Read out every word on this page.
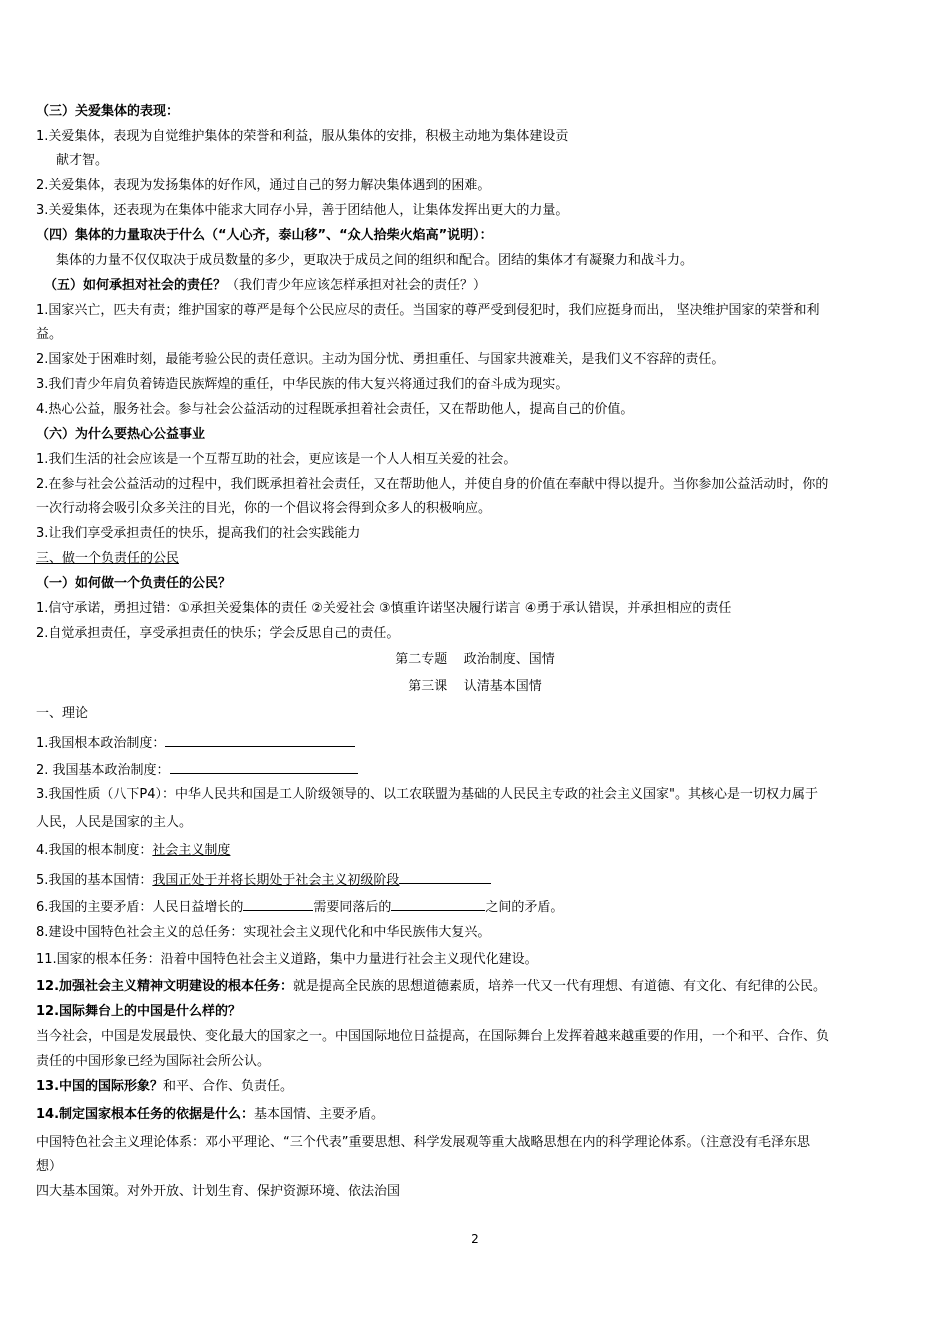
（三）关爱集体的表现：
1.关爱集体，表现为自觉维护集体的荣誉和利益，服从集体的安排，积极主动地为集体建设贡
献才智。
2.关爱集体，表现为发扬集体的好作风，通过自己的努力解决集体遇到的困难。
3.关爱集体，还表现为在集体中能求大同存小异，善于团结他人，让集体发挥出更大的力量。
（四）集体的力量取决于什么（“人心齐，泰山移”、“众人拾柴火焰高”说明）：
集体的力量不仅仅取决于成员数量的多少，更取决于成员之间的组织和配合。团结的集体才有凝聚力和战斗力。
（五）如何承担对社会的责任？（我们青少年应该怎样承担对社会的责任？）
1.国家兴亡，匹夫有责；维护国家的尊严是每个公民应尽的责任。当国家的尊严受到侵犯时，我们应挺身而出， 坚决维护国家的荣誉和利
益。
2.国家处于困难时刻，最能考验公民的责任意识。主动为国分忧、勇担重任、与国家共渡难关，是我们义不容辞的责任。
3.我们青少年肩负着铸造民族辉煌的重任，中华民族的伟大复兴将通过我们的奋斗成为现实。
4.热心公益，服务社会。参与社会公益活动的过程既承担着社会责任，又在帮助他人，提高自己的价值。
（六）为什么要热心公益事业
1.我们生活的社会应该是一个互帮互助的社会，更应该是一个人人相互关爱的社会。
2.在参与社会公益活动的过程中，我们既承担着社会责任，又在帮助他人，并使自身的价值在奉献中得以提升。当你参加公益活动时，你的
一次行动将会吸引众多关注的目光，你的一个倡议将会得到众多人的积极响应。
3.让我们享受承担责任的快乐，提高我们的社会实践能力
三、做一个负责任的公民
（一）如何做一个负责任的公民？
1.信守承诺，勇担过错：①承担关爱集体的责任 ②关爱社会 ③慎重许诺坚决履行诺言 ④勇于承认错误，并承担相应的责任
2.自觉承担责任，享受承担责任的快乐；学会反思自己的责任。
第二专题    政治制度、国情
第三课    认清基本国情
一、理论
1.我国根本政治制度：
2. 我国基本政治制度：
3.我国性质（八下P4）：中华人民共和国是工人阶级领导的、以工农联盟为基础的人民民主专政的社会主义国家"。其核心是一切权力属于
人民，人民是国家的主人。
4.我国的根本制度：社会主义制度
5.我国的基本国情：我国正处于并将长期处于社会主义初级阶段
6.我国的主要矛盾：人民日益增长的	需要同落后的	之间的矛盾。
8.建设中国特色社会主义的总任务：实现社会主义现代化和中华民族伟大复兴。
11.国家的根本任务：沿着中国特色社会主义道路，集中力量进行社会主义现代化建设。
12.加强社会主义精神文明建设的根本任务：就是提高全民族的思想道德素质，培养一代又一代有理想、有道德、有文化、有纪律的公民。
12.国际舞台上的中国是什么样的？
当今社会，中国是发展最快、变化最大的国家之一。中国国际地位日益提高，在国际舞台上发挥着越来越重要的作用，一个和平、合作、负
责任的中国形象已经为国际社会所公认。
13.中国的国际形象？和平、合作、负责任。
14.制定国家根本任务的依据是什么：基本国情、主要矛盾。
中国特色社会主义理论体系：邓小平理论、“三个代表”重要思想、科学发展观等重大战略思想在内的科学理论体系。（注意没有毛泽东思
想）
四大基本国策。对外开放、计划生育、保护资源环境、依法治国
2
